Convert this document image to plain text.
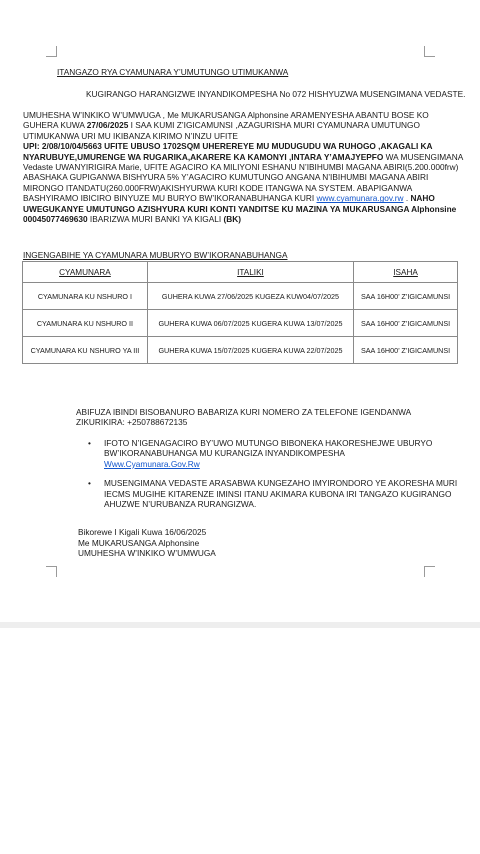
ITANGAZO RYA CYAMUNARA Y’UMUTUNGO UTIMUKANWA
KUGIRANGO HARANGIZWE INYANDIKOMPESHA No 072 HISHYUZWA MUSENGIMANA VEDASTE.
UMUHESHA W’INKIKO W’UMWUGA , Me MUKARUSANGA Alphonsine ARAMENYESHA ABANTU BOSE KO GUHERA KUWA 27/06/2025 I SAA KUMI Z’IGICAMUNSI ,AZAGURISHA MURI CYAMUNARA UMUTUNGO UTIMUKANWA URI MU IKIBANZA KIRIMO N’INZU UFITE
UPI: 2/08/10/04/5663 UFITE UBUSO 1702SQM UHEREREYE MU MUDUGUDU WA RUHOGO ,AKAGALI KA NYARUBUYE,UMURENGE WA RUGARIKA,AKARERE KA KAMONYI ,INTARA Y’AMAJYEPFO WA MUSENGIMANA Vedaste UWANYIRIGIRA Marie, UFITE AGACIRO KA MILIYONI ESHANU N’IBIHUMBI MAGANA ABIRI(5.200.000frw) ABASHAKA GUPIGANWA BISHYURA 5% Y’AGACIRO KUMUTUNGO ANGANA N’IBIHUMBI MAGANA ABIRI MIRONGO ITANDATU(260.000FRW)AKISHYURWA KURI KODE ITANGWA NA SYSTEM. ABAPIGANWA BASHYIRAMO IBICIRO BINYUZE MU BURYO BW’IKORANABUHANGA KURI www.cyamunara.gov.rw . NAHO UWEGUKANYE UMUTUNGO AZISHYURA KURI KONTI YANDITSE KU MAZINA YA MUKARUSANGA Alphonsine 00045077469630 IBARIZWA MURI BANKI YA KIGALI (BK)
INGENGABIHE YA CYAMUNARA MUBURYO BW’IKORANABUHANGA
CYAMUNARA	ITALIKI	ISAHA
CYAMUNARA KU NSHURO I	GUHERA KUWA 27/06/2025 KUGEZA KUW04/07/2025	SAA 16H00’ Z’IGICAMUNSI
CYAMUNARA KU NSHURO II	GUHERA KUWA 06/07/2025 KUGERA KUWA 13/07/2025	SAA 16H00’ Z’IGICAMUNSI
CYAMUNARA KU NSHURO YA III	GUHERA KUWA 15/07/2025 KUGERA KUWA 22/07/2025	SAA 16H00’ Z’IGICAMUNSI
ABIFUZA IBINDI BISOBANURO BABARIZA KURI NOMERO ZA TELEFONE IGENDANWA ZIKURIKIRA: +250788672135
• IFOTO N’IGENAGACIRO BY’UWO MUTUNGO BIBONEKA HAKORESHEJWE UBURYO BW’IKORANABUHANGA MU KURANGIZA INYANDIKOMPESHA
Www.Cyamunara.Gov.Rw
• MUSENGIMANA VEDASTE ARASABWA KUNGEZAHO IMYIRONDORO YE AKORESHA MURI IECMS MUGIHE KITARENZE IMINSI ITANU AKIMARA KUBONA IRI TANGAZO KUGIRANGO AHUZWE N’URUBANZA RURANGIZWA.
Bikorewe I Kigali Kuwa 16/06/2025
Me MUKARUSANGA Alphonsine
UMUHESHA W’INKIKO W’UMWUGA
